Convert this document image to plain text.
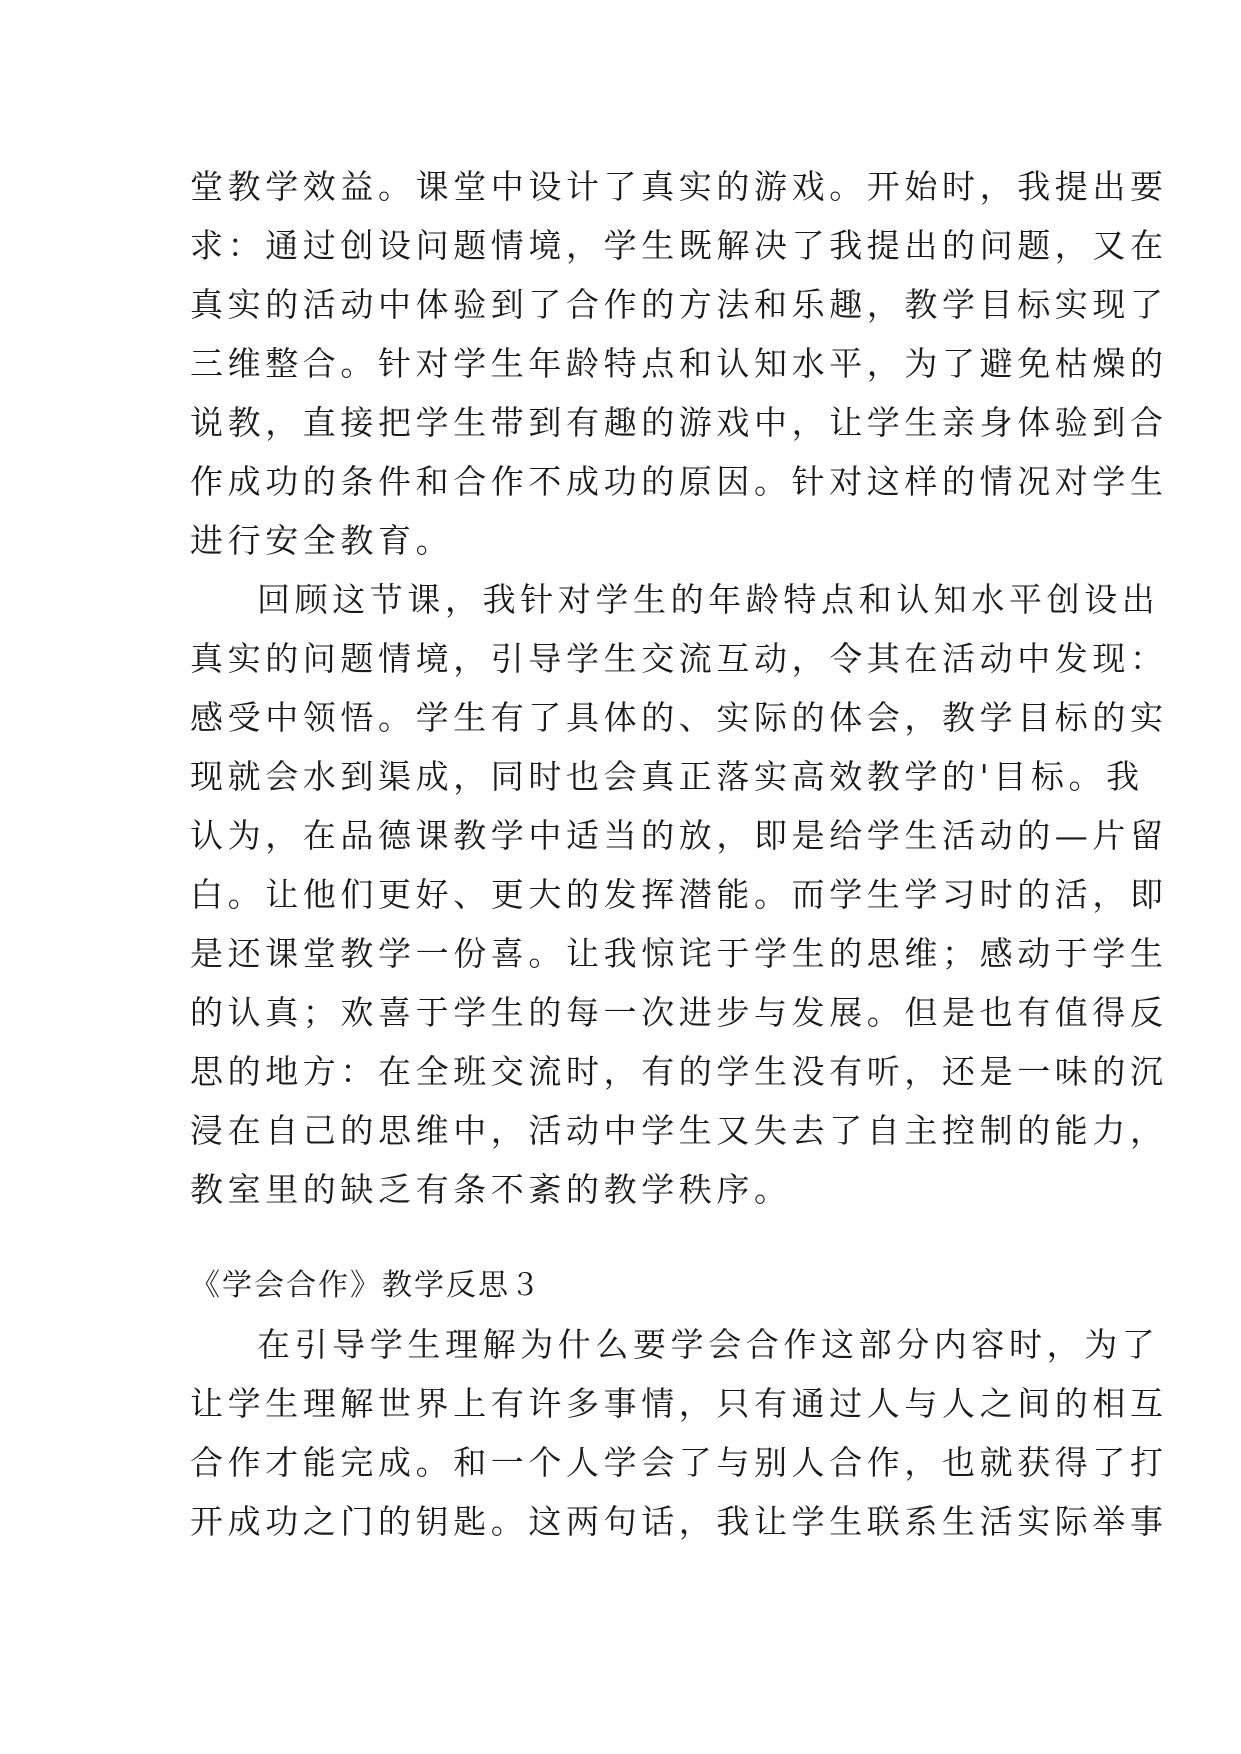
堂教学效益。课堂中设计了真实的游戏。开始时，我提出要
求：通过创设问题情境，学生既解决了我提出的问题，又在
真实的活动中体验到了合作的方法和乐趣，教学目标实现了
三维整合。针对学生年龄特点和认知水平，为了避免枯燥的
说教，直接把学生带到有趣的游戏中，让学生亲身体验到合
作成功的条件和合作不成功的原因。针对这样的情况对学生
进行安全教育。
回顾这节课，我针对学生的年龄特点和认知水平创设出
真实的问题情境，引导学生交流互动，令其在活动中发现：
感受中领悟。学生有了具体的、实际的体会，教学目标的实
现就会水到渠成，同时也会真正落实高效教学的'目标。我
认为，在品德课教学中适当的放，即是给学生活动的—片留
白。让他们更好、更大的发挥潜能。而学生学习时的活，即
是还课堂教学一份喜。让我惊诧于学生的思维；感动于学生
的认真；欢喜于学生的每一次进步与发展。但是也有值得反
思的地方：在全班交流时，有的学生没有听，还是一味的沉
浸在自己的思维中，活动中学生又失去了自主控制的能力，
教室里的缺乏有条不紊的教学秩序。
《学会合作》教学反思３
在引导学生理解为什么要学会合作这部分内容时，为了
让学生理解世界上有许多事情，只有通过人与人之间的相互
合作才能完成。和一个人学会了与别人合作，也就获得了打
开成功之门的钥匙。这两句话，我让学生联系生活实际举事
